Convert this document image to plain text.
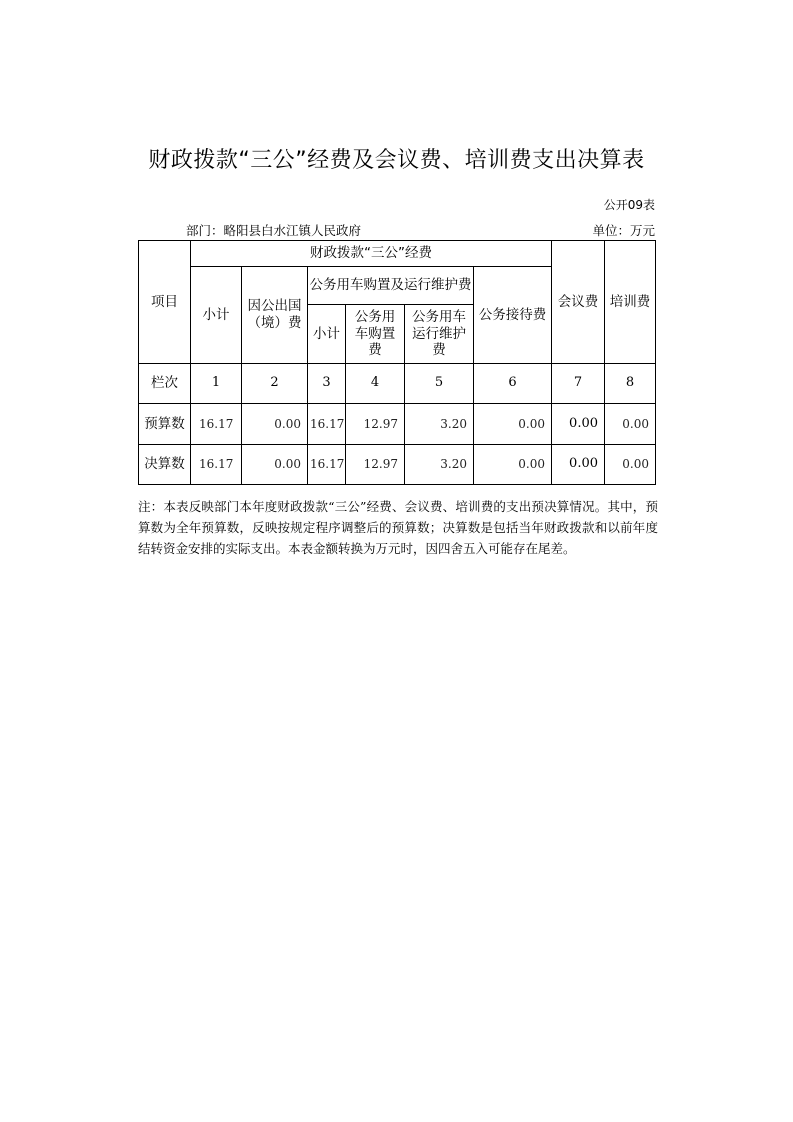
财政拨款“三公”经费及会议费、培训费支出决算表
公开09表
部门：略阳县白水江镇人民政府	单位：万元
项目	财政拨款“三公”经费						会议费	培训费
	小计	因公出国（境）费	公务用车购置及运行维护费			公务接待费		
			小计	公务用车购置费	公务用车运行维护费			
栏次	1	2	3	4	5	6	7	8
预算数	16.17	0.00	16.17	12.97	3.20	0.00	0.00	0.00
决算数	16.17	0.00	16.17	12.97	3.20	0.00	0.00	0.00
注：本表反映部门本年度财政拨款“三公”经费、会议费、培训费的支出预决算情况。其中，预算数为全年预算数，反映按规定程序调整后的预算数；决算数是包括当年财政拨款和以前年度结转资金安排的实际支出。本表金额转换为万元时，因四舍五入可能存在尾差。
